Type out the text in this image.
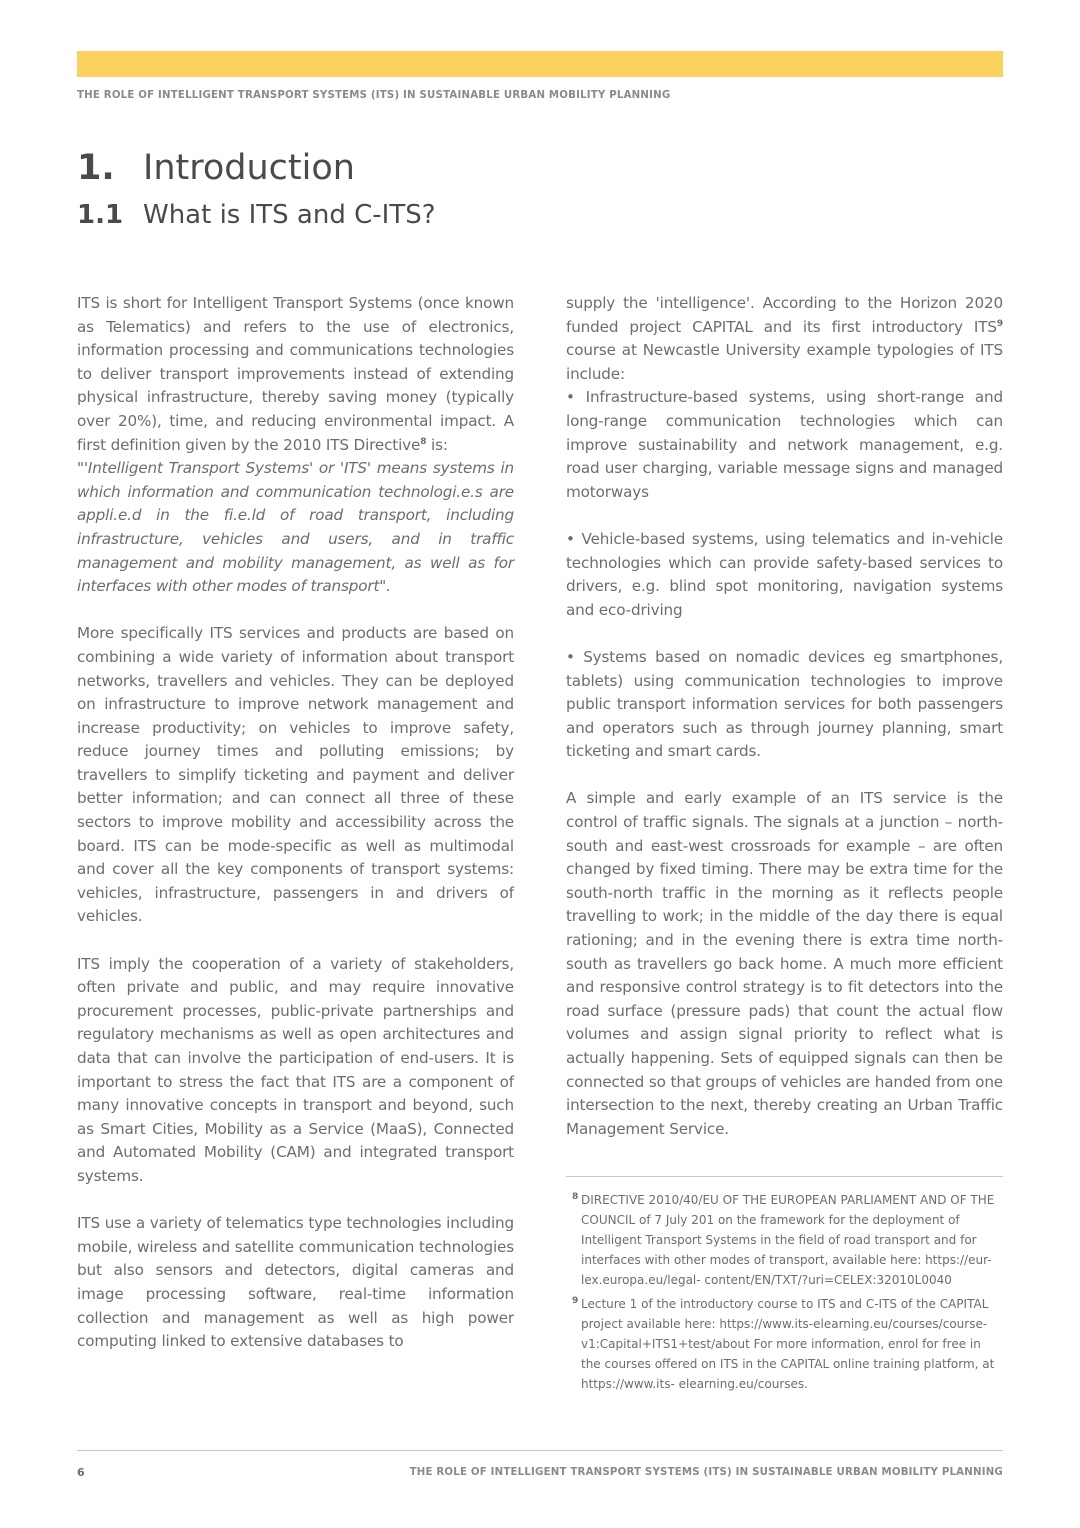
THE ROLE OF INTELLIGENT TRANSPORT SYSTEMS (ITS) IN SUSTAINABLE URBAN MOBILITY PLANNING
1. Introduction
1.1 What is ITS and C-ITS?

ITS is short for Intelligent Transport Systems (once known as Telematics) and refers to the use of electronics, information processing and communications technologies to deliver transport improvements instead of extending physical infrastructure, thereby saving money (typically over 20%), time, and reducing environmental impact. A first definition given by the 2010 ITS Directive$^8$ is:

"'Intelligent Transport Systems' or 'ITS' means systems in which information and communication technologi.e.s are appli.e.d in the fi.e.ld of road transport, including infrastructure, vehicles and users, and in traffic management and mobility management, as well as for interfaces with other modes of transport".

More specifically ITS services and products are based on combining a wide variety of information about transport networks, travellers and vehicles. They can be deployed on infrastructure to improve network management and increase productivity; on vehicles to improve safety, reduce journey times and polluting emissions; by travellers to simplify ticketing and payment and deliver better information; and can connect all three of these sectors to improve mobility and accessibility across the board. ITS can be mode-specific as well as multimodal and cover all the key components of transport systems: vehicles, infrastructure, passengers in and drivers of vehicles.

ITS imply the cooperation of a variety of stakeholders, often private and public, and may require innovative procurement processes, public-private partnerships and regulatory mechanisms as well as open architectures and data that can involve the participation of end-users. It is important to stress the fact that ITS are a component of many innovative concepts in transport and beyond, such as Smart Cities, Mobility as a Service (MaaS), Connected and Automated Mobility (CAM) and integrated transport systems.

ITS use a variety of telematics type technologies including mobile, wireless and satellite communication technologies but also sensors and detectors, digital cameras and image processing software, real-time information collection and management as well as high power computing linked to extensive databases to

supply the 'intelligence'. According to the Horizon 2020 funded project CAPITAL and its first introductory ITS$^9$ course at Newcastle University example typologies of ITS include:

• Infrastructure-based systems, using short-range and long-range communication technologies which can improve sustainability and network management, e.g. road user charging, variable message signs and managed motorways

• Vehicle-based systems, using telematics and in-vehicle technologies which can provide safety-based services to drivers, e.g. blind spot monitoring, navigation systems and eco-driving

• Systems based on nomadic devices eg smartphones, tablets) using communication technologies to improve public transport information services for both passengers and operators such as through journey planning, smart ticketing and smart cards.

A simple and early example of an ITS service is the control of traffic signals. The signals at a junction – north-south and east-west crossroads for example – are often changed by fixed timing. There may be extra time for the south-north traffic in the morning as it reflects people travelling to work; in the middle of the day there is equal rationing; and in the evening there is extra time north-south as travellers go back home. A much more efficient and responsive control strategy is to fit detectors into the road surface (pressure pads) that count the actual flow volumes and assign signal priority to reflect what is actually happening. Sets of equipped signals can then be connected so that groups of vehicles are handed from one intersection to the next, thereby creating an Urban Traffic Management Service.

8 DIRECTIVE 2010/40/EU OF THE EUROPEAN PARLIAMENT AND OF THE COUNCIL of 7 July 201 on the framework for the deployment of Intelligent Transport Systems in the field of road transport and for interfaces with other modes of transport, available here: https://eur-lex.europa.eu/legal- content/EN/TXT/?uri=CELEX:32010L0040
9 Lecture 1 of the introductory course to ITS and C-ITS of the CAPITAL project available here: https://www.its-elearning.eu/courses/course-v1:Capital+ITS1+test/about For more information, enrol for free in the courses offered on ITS in the CAPITAL online training platform, at https://www.its- elearning.eu/courses.
6	THE ROLE OF INTELLIGENT TRANSPORT SYSTEMS (ITS) IN SUSTAINABLE URBAN MOBILITY PLANNING
